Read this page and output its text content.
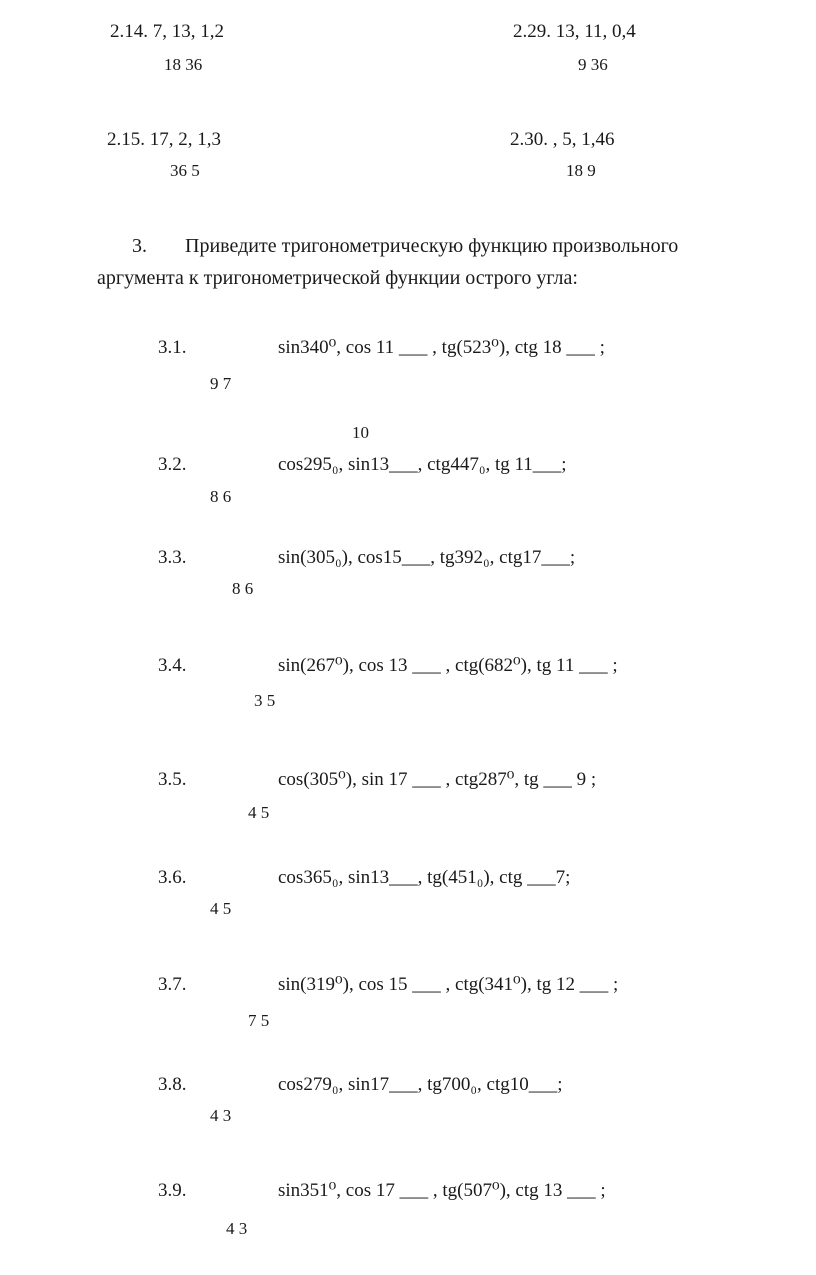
2.14. 7, 13, 1,2
18 36
2.29. 13, 11, 0,4
9 36
2.15. 17, 2, 1,3
36 5
2.30. , 5, 1,46
18 9
3. Приведите тригонометрическую функцию произвольного
аргумента к тригонометрической функции острого угла:
3.1.	sin340⁰, cos 11 ___ , tg(523⁰), ctg 18 ___ ;
9 7
10
3.2.	cos295₀, sin13___, ctg447₀, tg 11___;
8 6
3.3.	sin(305₀), cos15___, tg392₀, ctg17___;
8 6
3.4.	sin(267⁰), cos 13 ___ , ctg(682⁰), tg 11 ___ ;
3 5
3.5.	cos(305⁰), sin 17 ___ , ctg287⁰, tg ___ 9 ;
4 5
3.6.	cos365₀, sin13___, tg(451₀), ctg ___7;
4 5
3.7.	sin(319⁰), cos 15 ___ , ctg(341⁰), tg 12 ___ ;
7 5
3.8.	cos279₀, sin17___, tg700₀, ctg10___;
4 3
3.9.	sin351⁰, cos 17 ___ , tg(507⁰), ctg 13 ___ ;
4 3
